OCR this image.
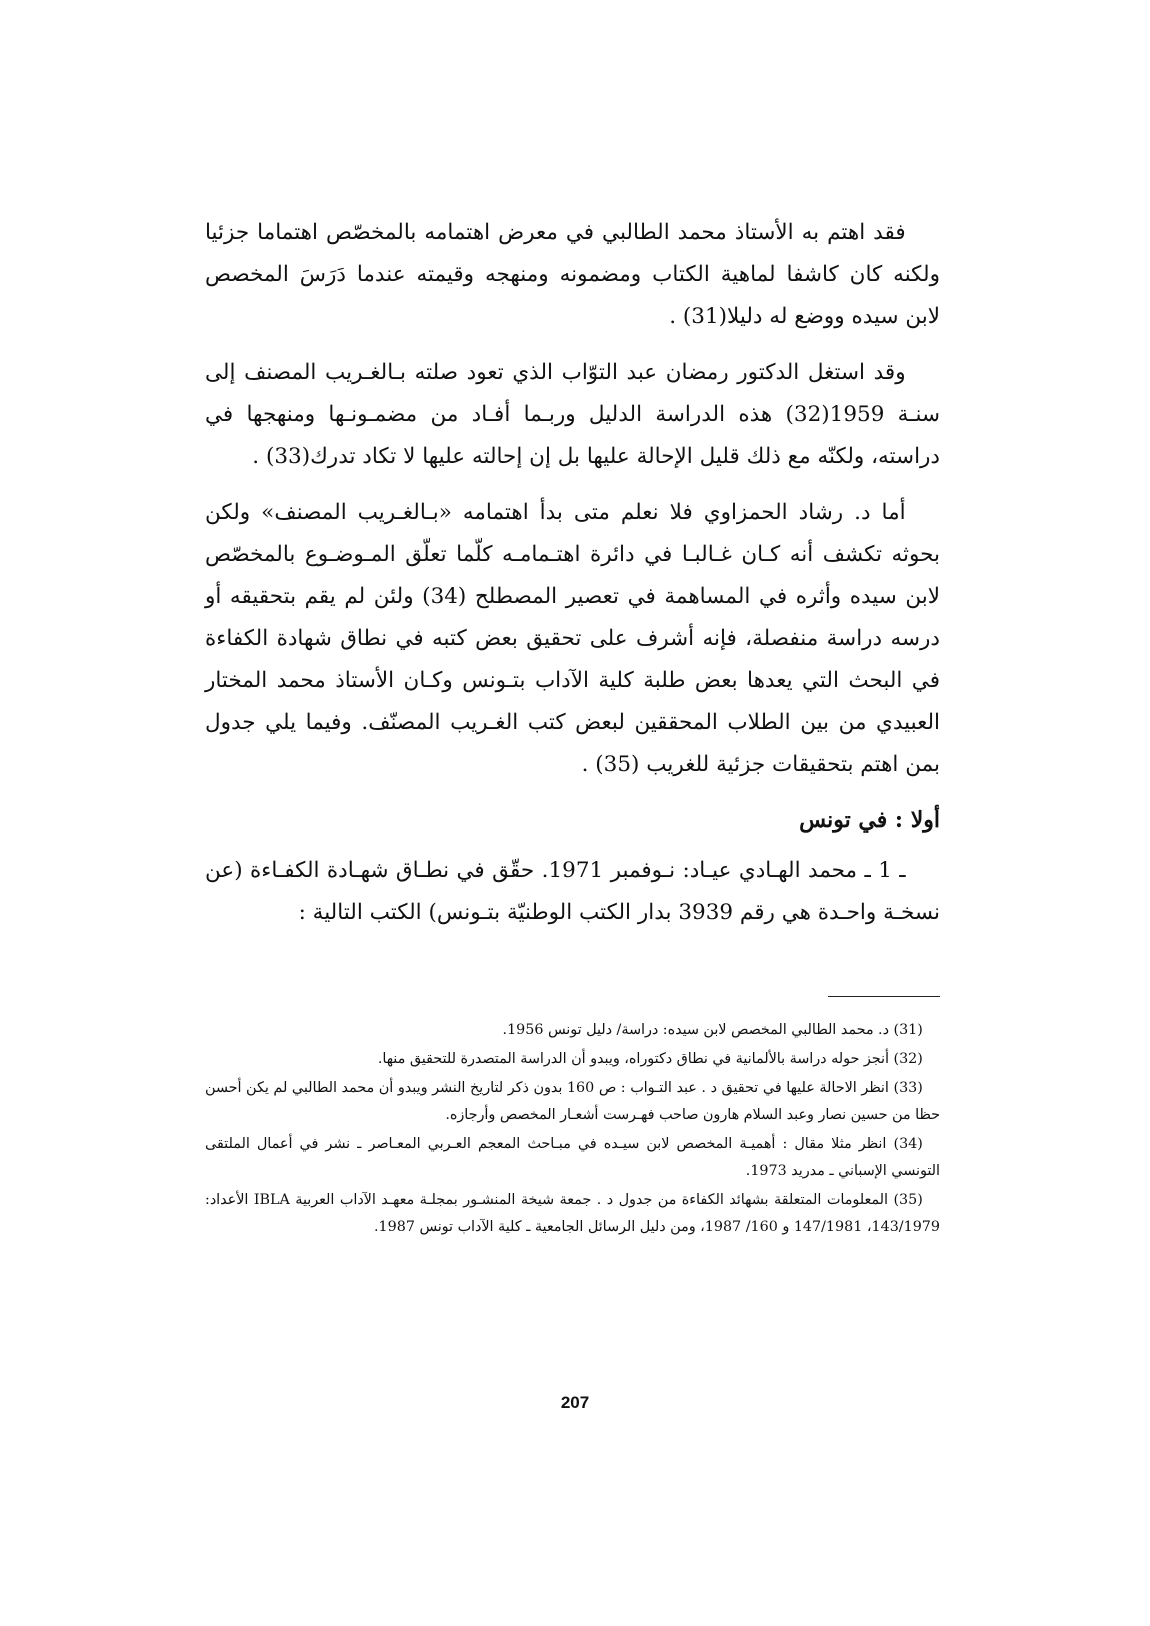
فقد اهتم به الأستاذ محمد الطالبي في معرض اهتمامه بالمخصّص اهتماما جزئيا ولكنه كان كاشفا لماهية الكتاب ومضمونه ومنهجه وقيمته عندما دَرَسَ المخصص لابن سيده ووضع له دليلا(31) .

وقد استغل الدكتور رمضان عبد التوّاب الذي تعود صلته بـالغـريب المصنف إلى سنـة 1959(32) هذه الدراسة الدليل وربـما أفـاد من مضمـونـها ومنهجها في دراسته، ولكنّه مع ذلك قليل الإحالة عليها بل إن إحالته عليها لا تكاد تدرك(33) .

أما د. رشاد الحمزاوي فلا نعلم متى بدأ اهتمامه «بـالغـريب المصنف» ولكن بحوثه تكشف أنه كـان غـالبـا في دائرة اهتـمامـه كلّما تعلّق المـوضـوع بالمخصّص لابن سيده وأثره في المساهمة في تعصير المصطلح (34) ولئن لم يقم بتحقيقه أو درسه دراسة منفصلة، فإنه أشرف على تحقيق بعض كتبه في نطاق شهادة الكفاءة في البحث التي يعدها بعض طلبة كلية الآداب بتـونس وكـان الأستاذ محمد المختار العبيدي من بين الطلاب المحققين لبعض كتب الغـريب المصنّف. وفيما يلي جدول بمن اهتم بتحقيقات جزئية للغريب (35) .

أولا : في تونس

ـ 1 ـ محمد الهـادي عيـاد: نـوفمبر 1971. حقّق في نطـاق شهـادة الكفـاءة (عن نسخـة واحـدة هي رقم 3939 بدار الكتب الوطنيّة بتـونس) الكتب التالية :

(31) د. محمد الطالبي المخصص لابن سيده: دراسة/ دليل تونس 1956.

(32) أنجز حوله دراسة بالألمانية في نطاق دكتوراه، ويبدو أن الدراسة المتصدرة للتحقيق منها.

(33) انظر الاحالة عليها في تحقيق د . عبد التـواب : ص 160 بدون ذكر لتاريخ النشر ويبدو أن محمد الطالبي لم يكن أحسن حظا من حسين نصار وعبد السلام هارون صاحب فهـرست أشعـار المخصص وأرجازه.

(34) انظر مثلا مقال : أهميـة المخصص لابن سيـده في مبـاحث المعجم العـربي المعـاصر ـ نشر في أعمال الملتقى التونسي الإسباني ـ مدريد 1973.

(35) المعلومات المتعلقة بشهائد الكفاءة من جدول د . جمعة شيخة المنشـور بمجلـة معهـد الآداب العربية IBLA الأعداد: 143/1979، 147/1981 و 160/ 1987، ومن دليل الرسائل الجامعية ـ كلية الآداب تونس 1987.

207
